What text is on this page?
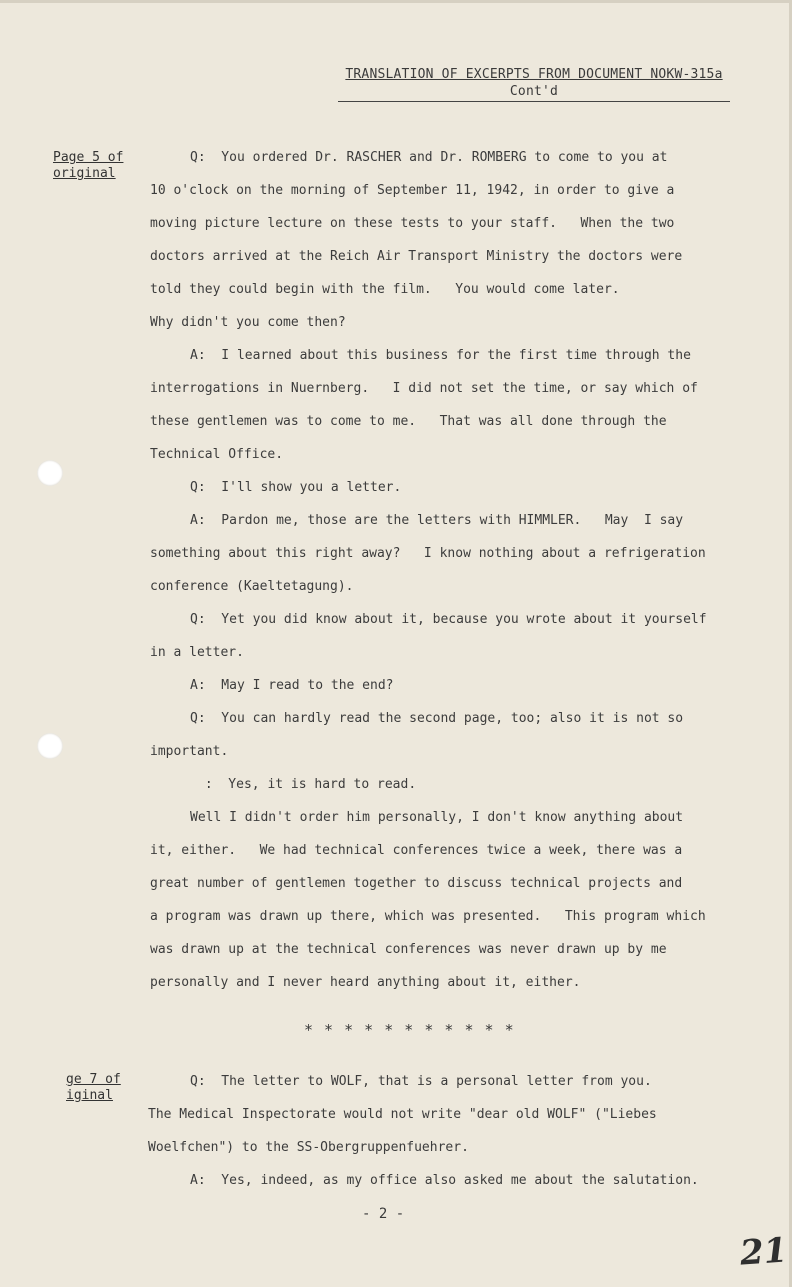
TRANSLATION OF EXCERPTS FROM DOCUMENT NOKW-315a
Cont'd
Page 5 of
original
ge 7 of
iginal
Q:  You ordered Dr. RASCHER and Dr. ROMBERG to come to you at
10 o'clock on the morning of September 11, 1942, in order to give a
moving picture lecture on these tests to your staff.   When the two
doctors arrived at the Reich Air Transport Ministry the doctors were
told they could begin with the film.   You would come later.
Why didn't you come then?
A:  I learned about this business for the first time through the
interrogations in Nuernberg.   I did not set the time, or say which of
these gentlemen was to come to me.   That was all done through the
Technical Office.
Q:  I'll show you a letter.
A:  Pardon me, those are the letters with HIMMLER.   May  I say
something about this right away?   I know nothing about a refrigeration
conference (Kaeltetagung).
Q:  Yet you did know about it, because you wrote about it yourself
in a letter.
A:  May I read to the end?
Q:  You can hardly read the second page, too; also it is not so
important.
:  Yes, it is hard to read.
Well I didn't order him personally, I don't know anything about
it, either.   We had technical conferences twice a week, there was a
great number of gentlemen together to discuss technical projects and
a program was drawn up there, which was presented.   This program which
was drawn up at the technical conferences was never drawn up by me
personally and I never heard anything about it, either.
Q:  The letter to WOLF, that is a personal letter from you.
The Medical Inspectorate would not write "dear old WOLF" ("Liebes
Woelfchen") to the SS-Obergruppenfuehrer.
A:  Yes, indeed, as my office also asked me about the salutation.
* * * * * * * * * * *
- 2 -
21
